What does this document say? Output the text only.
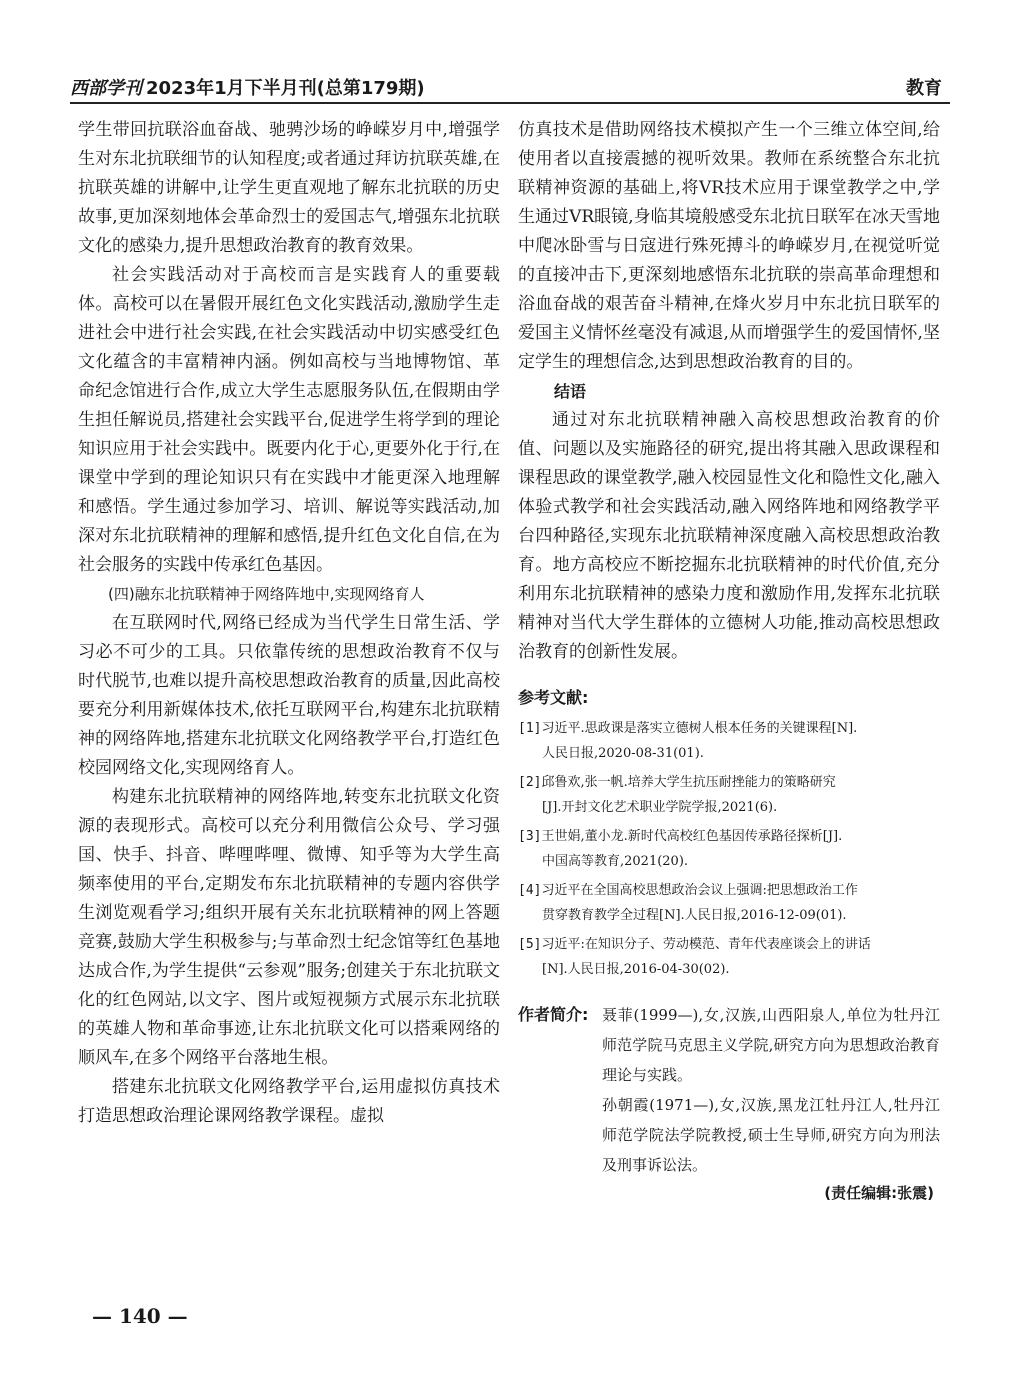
西部学刊 2023年1月下半月刊(总第179期)	教育

学生带回抗联浴血奋战、驰骋沙场的峥嵘岁月中,增强学生对东北抗联细节的认知程度;或者通过拜访抗联英雄,在抗联英雄的讲解中,让学生更直观地了解东北抗联的历史故事,更加深刻地体会革命烈士的爱国志气,增强东北抗联文化的感染力,提升思想政治教育的教育效果。

社会实践活动对于高校而言是实践育人的重要载体。高校可以在暑假开展红色文化实践活动,激励学生走进社会中进行社会实践,在社会实践活动中切实感受红色文化蕴含的丰富精神内涵。例如高校与当地博物馆、革命纪念馆进行合作,成立大学生志愿服务队伍,在假期由学生担任解说员,搭建社会实践平台,促进学生将学到的理论知识应用于社会实践中。既要内化于心,更要外化于行,在课堂中学到的理论知识只有在实践中才能更深入地理解和感悟。学生通过参加学习、培训、解说等实践活动,加深对东北抗联精神的理解和感悟,提升红色文化自信,在为社会服务的实践中传承红色基因。

(四)融东北抗联精神于网络阵地中,实现网络育人

在互联网时代,网络已经成为当代学生日常生活、学习必不可少的工具。只依靠传统的思想政治教育不仅与时代脱节,也难以提升高校思想政治教育的质量,因此高校要充分利用新媒体技术,依托互联网平台,构建东北抗联精神的网络阵地,搭建东北抗联文化网络教学平台,打造红色校园网络文化,实现网络育人。

构建东北抗联精神的网络阵地,转变东北抗联文化资源的表现形式。高校可以充分利用微信公众号、学习强国、快手、抖音、哔哩哔哩、微博、知乎等为大学生高频率使用的平台,定期发布东北抗联精神的专题内容供学生浏览观看学习;组织开展有关东北抗联精神的网上答题竞赛,鼓励大学生积极参与;与革命烈士纪念馆等红色基地达成合作,为学生提供“云参观”服务;创建关于东北抗联文化的红色网站,以文字、图片或短视频方式展示东北抗联的英雄人物和革命事迹,让东北抗联文化可以搭乘网络的顺风车,在多个网络平台落地生根。

搭建东北抗联文化网络教学平台,运用虚拟仿真技术打造思想政治理论课网络教学课程。虚拟

仿真技术是借助网络技术模拟产生一个三维立体空间,给使用者以直接震撼的视听效果。教师在系统整合东北抗联精神资源的基础上,将VR技术应用于课堂教学之中,学生通过VR眼镜,身临其境般感受东北抗日联军在冰天雪地中爬冰卧雪与日寇进行殊死搏斗的峥嵘岁月,在视觉听觉的直接冲击下,更深刻地感悟东北抗联的崇高革命理想和浴血奋战的艰苦奋斗精神,在烽火岁月中东北抗日联军的爱国主义情怀丝毫没有减退,从而增强学生的爱国情怀,坚定学生的理想信念,达到思想政治教育的目的。

结语

通过对东北抗联精神融入高校思想政治教育的价值、问题以及实施路径的研究,提出将其融入思政课程和课程思政的课堂教学,融入校园显性文化和隐性文化,融入体验式教学和社会实践活动,融入网络阵地和网络教学平台四种路径,实现东北抗联精神深度融入高校思想政治教育。地方高校应不断挖掘东北抗联精神的时代价值,充分利用东北抗联精神的感染力度和激励作用,发挥东北抗联精神对当代大学生群体的立德树人功能,推动高校思想政治教育的创新性发展。

参考文献:
[1]习近平.思政课是落实立德树人根本任务的关键课程[N].
人民日报,2020-08-31(01).
[2]邱鲁欢,张一帆.培养大学生抗压耐挫能力的策略研究
[J].开封文化艺术职业学院学报,2021(6).
[3]王世娟,董小龙.新时代高校红色基因传承路径探析[J].
中国高等教育,2021(20).
[4]习近平在全国高校思想政治会议上强调:把思想政治工作
贯穿教育教学全过程[N].人民日报,2016-12-09(01).
[5]习近平:在知识分子、劳动模范、青年代表座谈会上的讲话
[N].人民日报,2016-04-30(02).
作者简介: 聂菲(1999—),女,汉族,山西阳泉人,单位为牡丹江师范学院马克思主义学院,研究方向为思想政治教育理论与实践。

孙朝霞(1971—),女,汉族,黑龙江牡丹江人,牡丹江师范学院法学院教授,硕士生导师,研究方向为刑法及刑事诉讼法。

(责任编辑:张震)
— 140 —
